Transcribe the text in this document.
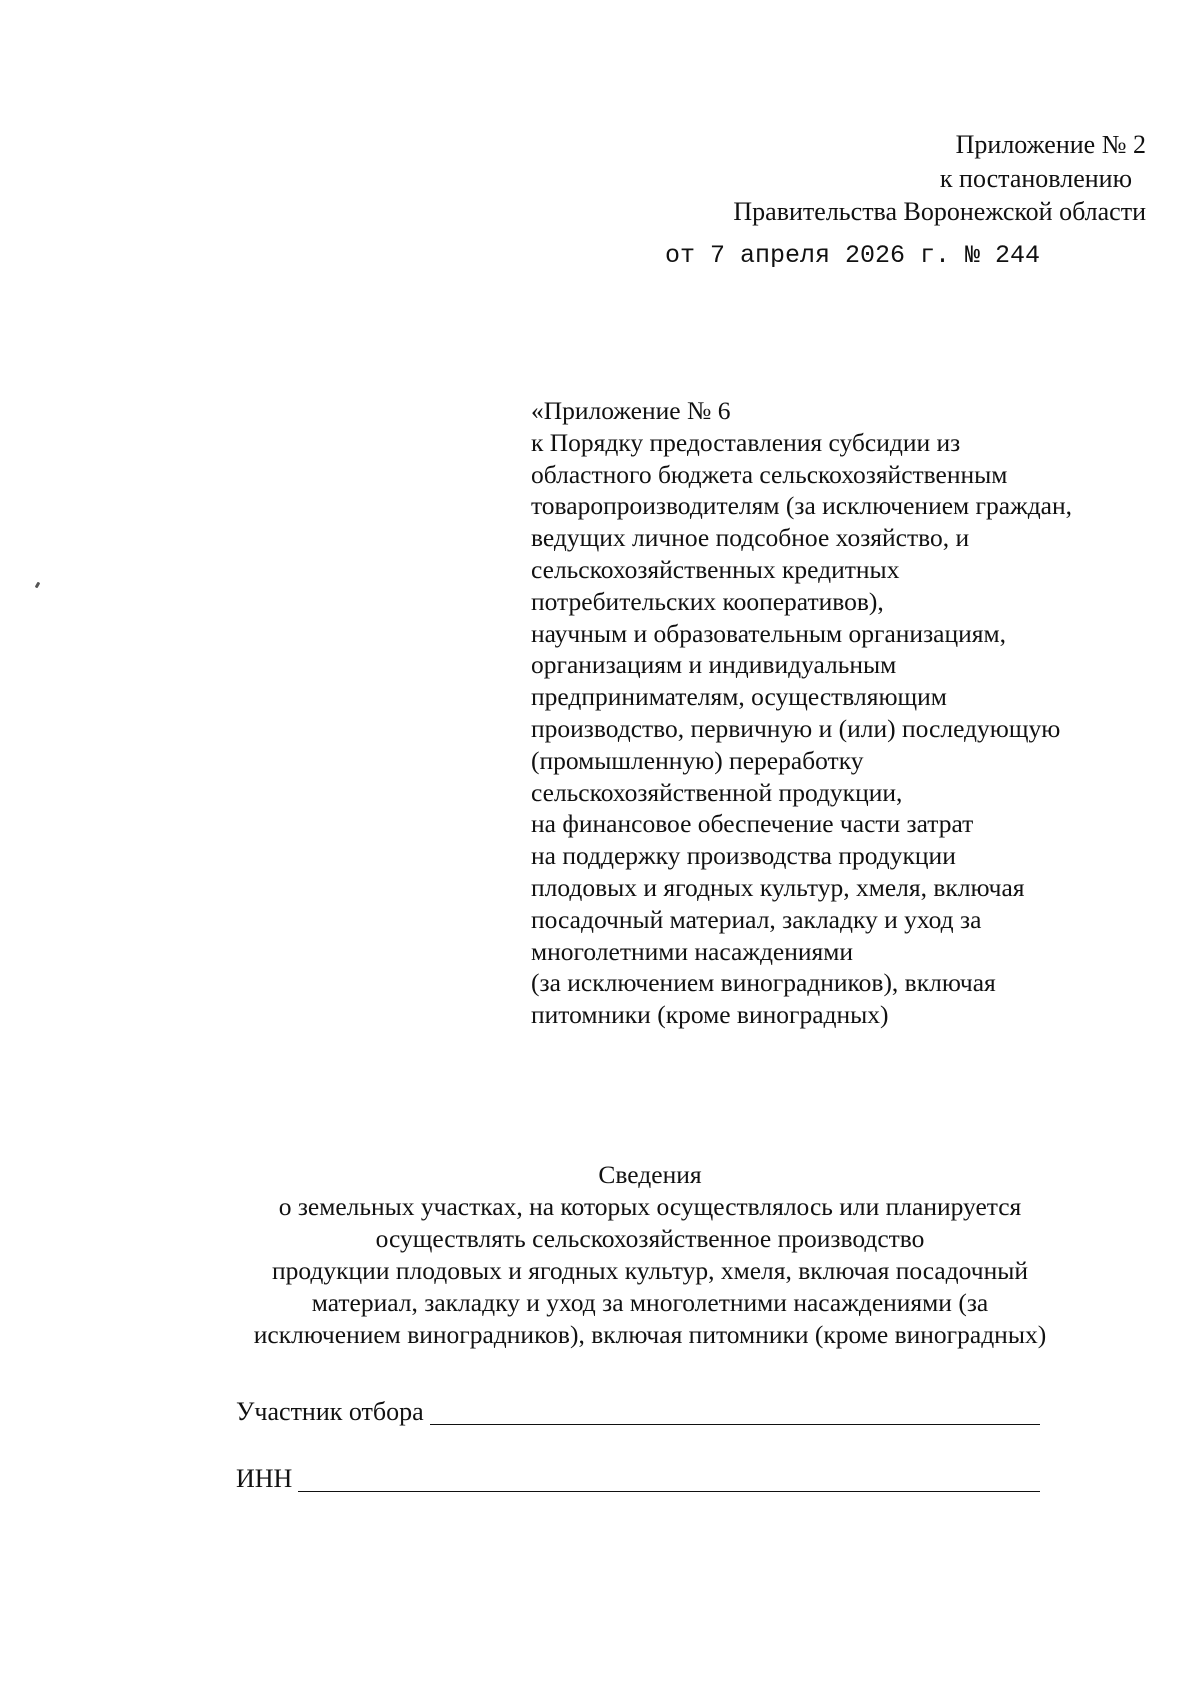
Приложение № 2
к постановлению
Правительства Воронежской области
от 7 апреля 2026 г. № 244
«Приложение № 6
к Порядку предоставления субсидии из
областного бюджета сельскохозяйственным
товаропроизводителям (за исключением граждан,
ведущих личное подсобное хозяйство, и
сельскохозяйственных кредитных
потребительских кооперативов),
научным и образовательным организациям,
организациям и индивидуальным
предпринимателям, осуществляющим
производство, первичную и (или) последующую
(промышленную) переработку
сельскохозяйственной продукции,
на финансовое обеспечение части затрат
на поддержку производства продукции
плодовых и ягодных культур, хмеля, включая
посадочный материал, закладку и уход за
многолетними насаждениями
(за исключением виноградников), включая
питомники (кроме виноградных)
Сведения
о земельных участках, на которых осуществлялось или планируется
осуществлять сельскохозяйственное производство
продукции плодовых и ягодных культур, хмеля, включая посадочный
материал, закладку и уход за многолетними насаждениями (за
исключением виноградников), включая питомники (кроме виноградных)
Участник отбора
ИНН
